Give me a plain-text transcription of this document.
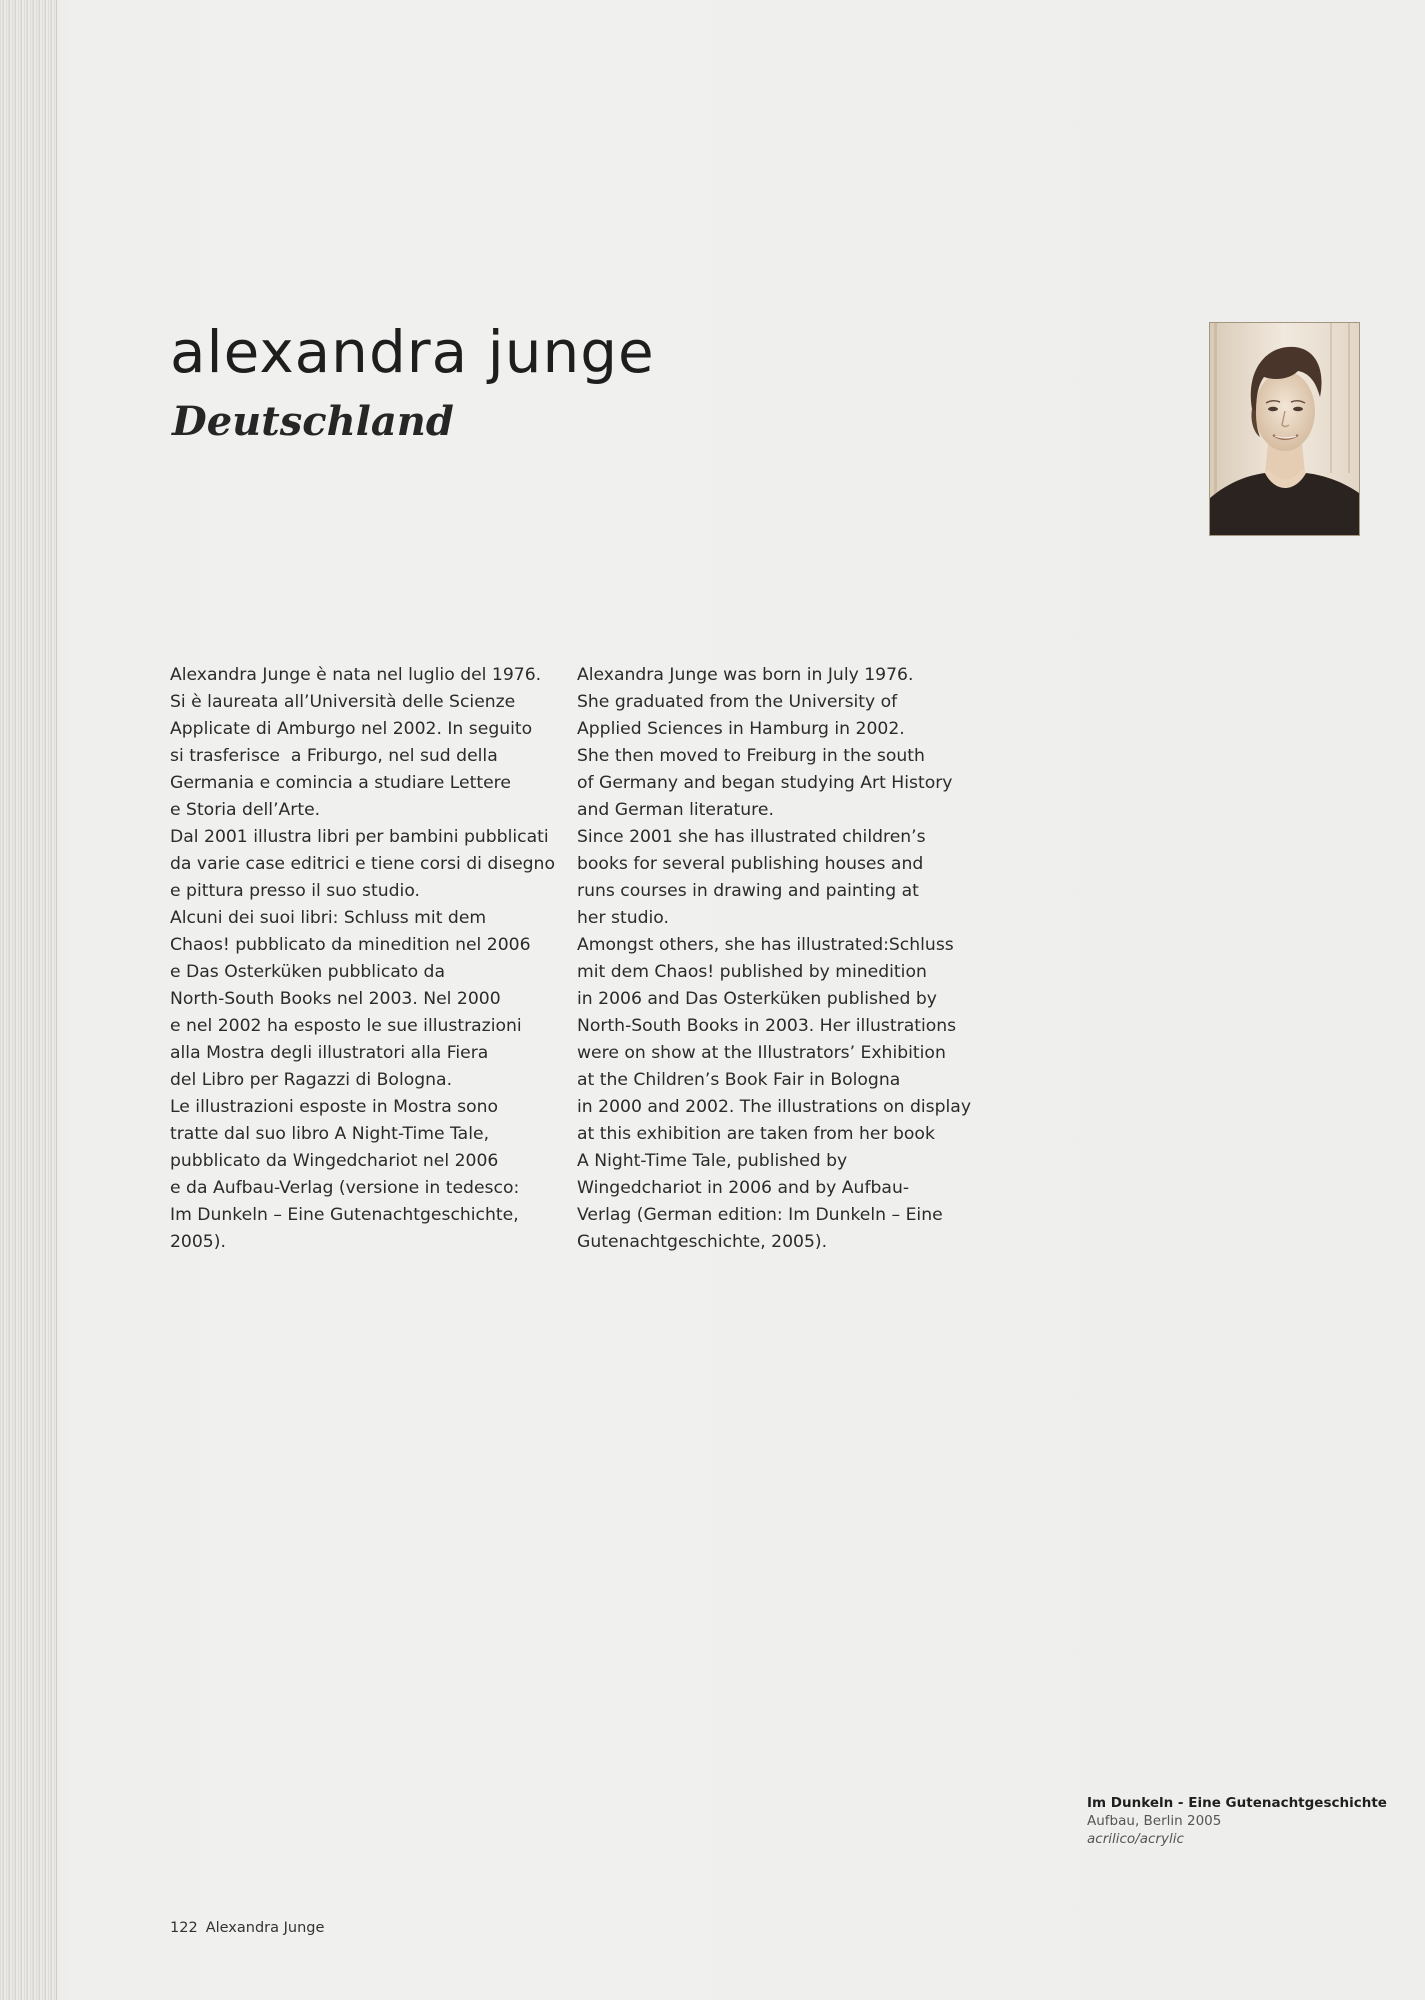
alexandra junge
Deutschland

Alexandra Junge è nata nel luglio del 1976.
Si è laureata all’Università delle Scienze
Applicate di Amburgo nel 2002. In seguito
si trasferisce  a Friburgo, nel sud della
Germania e comincia a studiare Lettere
e Storia dell’Arte.
Dal 2001 illustra libri per bambini pubblicati
da varie case editrici e tiene corsi di disegno
e pittura presso il suo studio.
Alcuni dei suoi libri: Schluss mit dem
Chaos! pubblicato da minedition nel 2006
e Das Osterküken pubblicato da
North-South Books nel 2003. Nel 2000
e nel 2002 ha esposto le sue illustrazioni
alla Mostra degli illustratori alla Fiera
del Libro per Ragazzi di Bologna.
Le illustrazioni esposte in Mostra sono
tratte dal suo libro A Night-Time Tale,
pubblicato da Wingedchariot nel 2006
e da Aufbau-Verlag (versione in tedesco:
Im Dunkeln – Eine Gutenachtgeschichte,
2005).

Alexandra Junge was born in July 1976.
She graduated from the University of
Applied Sciences in Hamburg in 2002.
She then moved to Freiburg in the south
of Germany and began studying Art History
and German literature.
Since 2001 she has illustrated children’s
books for several publishing houses and
runs courses in drawing and painting at
her studio.
Amongst others, she has illustrated:Schluss
mit dem Chaos! published by minedition
in 2006 and Das Osterküken published by
North-South Books in 2003. Her illustrations
were on show at the Illustrators’ Exhibition
at the Children’s Book Fair in Bologna
in 2000 and 2002. The illustrations on display
at this exhibition are taken from her book
A Night-Time Tale, published by
Wingedchariot in 2006 and by Aufbau-
Verlag (German edition: Im Dunkeln – Eine
Gutenachtgeschichte, 2005).

Im Dunkeln - Eine Gutenachtgeschichte
Aufbau, Berlin 2005
acrilico/acrylic
122 Alexandra Junge
